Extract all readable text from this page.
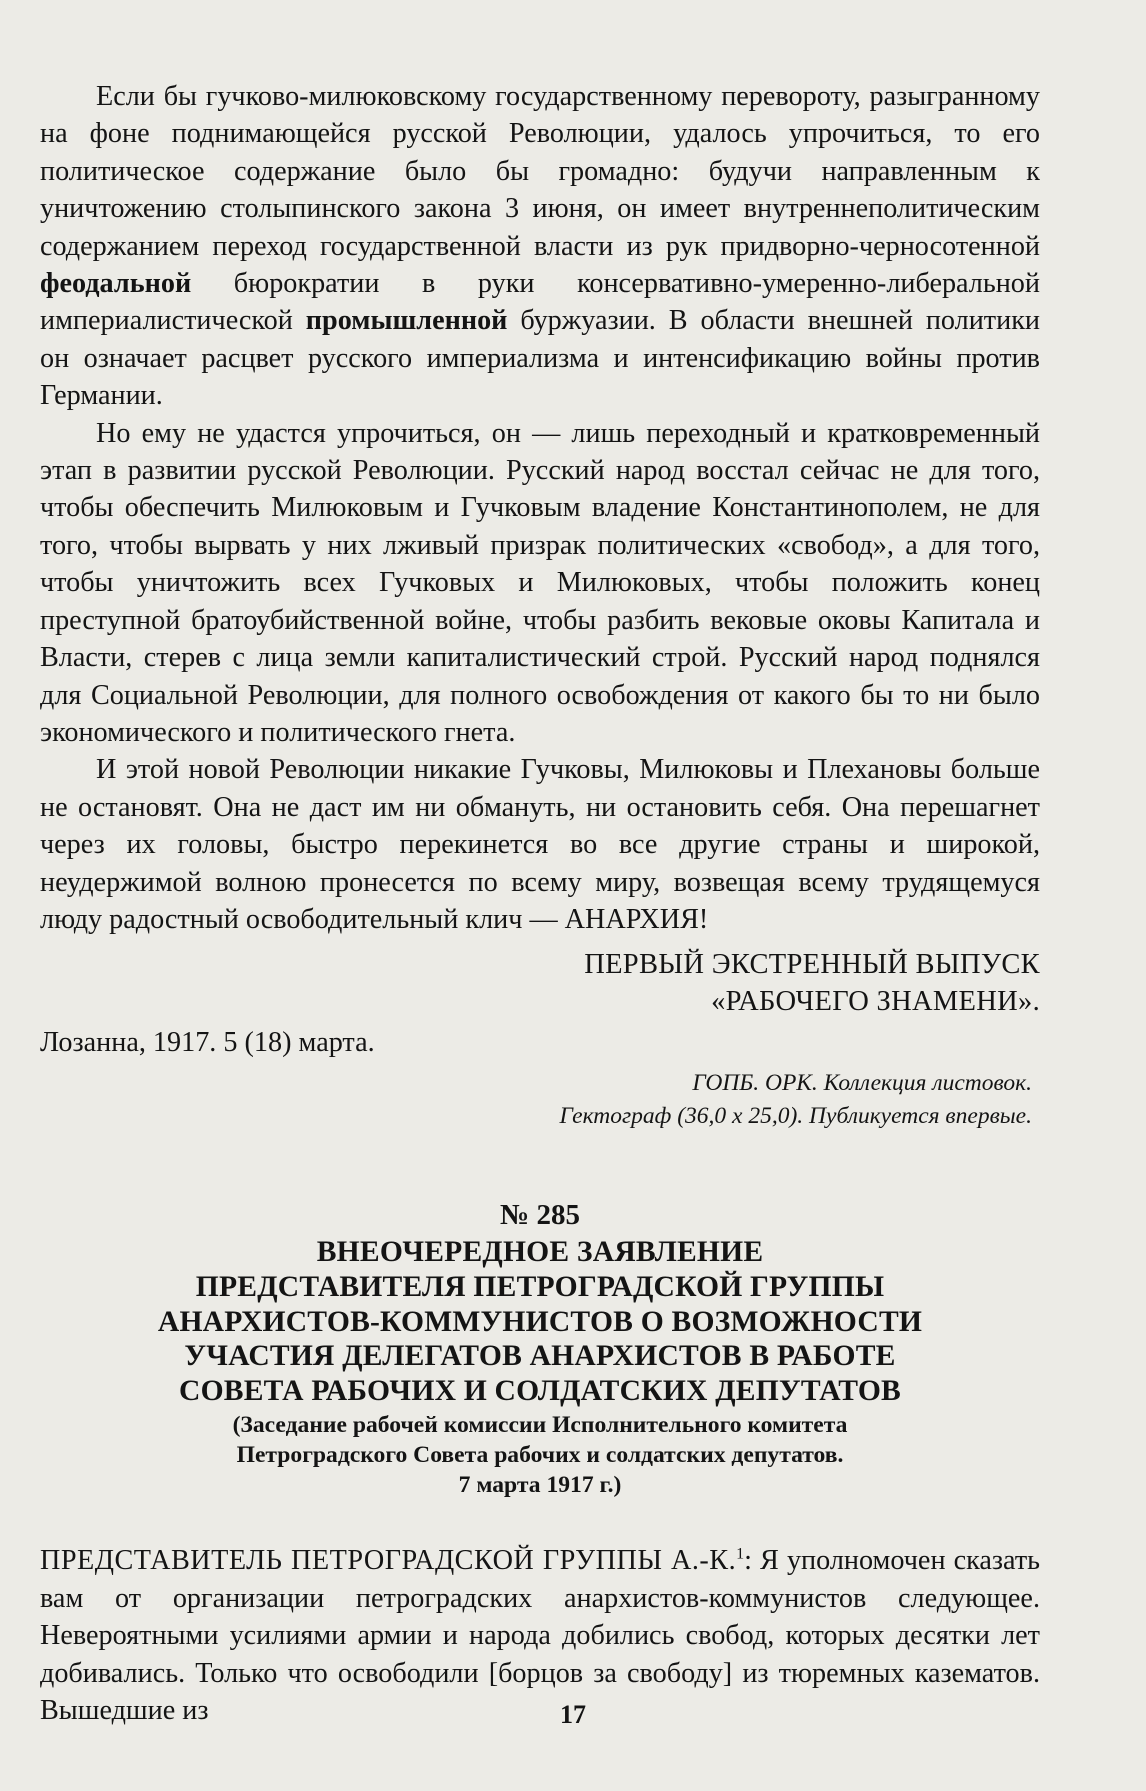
Если бы гучково-милюковскому государственному перевороту, разыгранному на фоне поднимающейся русской Революции, удалось упрочиться, то его политическое содержание было бы громадно: будучи направленным к уничтожению столыпинского закона 3 июня, он имеет внутреннеполитическим содержанием переход государственной власти из рук придворно-черносотенной феодальной бюрократии в руки консервативно-умеренно-либеральной империалистической промышленной буржуазии. В области внешней политики он означает расцвет русского империализма и интенсификацию войны против Германии.

Но ему не удастся упрочиться, он — лишь переходный и кратковременный этап в развитии русской Революции. Русский народ восстал сейчас не для того, чтобы обеспечить Милюковым и Гучковым владение Константинополем, не для того, чтобы вырвать у них лживый призрак политических «свобод», а для того, чтобы уничтожить всех Гучковых и Милюковых, чтобы положить конец преступной братоубийственной войне, чтобы разбить вековые оковы Капитала и Власти, стерев с лица земли капиталистический строй. Русский народ поднялся для Социальной Революции, для полного освобождения от какого бы то ни было экономического и политического гнета.

И этой новой Революции никакие Гучковы, Милюковы и Плехановы больше не остановят. Она не даст им ни обмануть, ни остановить себя. Она перешагнет через их головы, быстро перекинется во все другие страны и широкой, неудержимой волною пронесется по всему миру, возвещая всему трудящемуся люду радостный освободительный клич — АНАРХИЯ!

ПЕРВЫЙ ЭКСТРЕННЫЙ ВЫПУСК
«РАБОЧЕГО ЗНАМЕНИ».
Лозанна, 1917. 5 (18) марта.
ГОПБ. ОРК. Коллекция листовок.
Гектограф (36,0 x 25,0). Публикуется впервые.
№ 285
ВНЕОЧЕРЕДНОЕ ЗАЯВЛЕНИЕ
ПРЕДСТАВИТЕЛЯ ПЕТРОГРАДСКОЙ ГРУППЫ
АНАРХИСТОВ-КОММУНИСТОВ О ВОЗМОЖНОСТИ
УЧАСТИЯ ДЕЛЕГАТОВ АНАРХИСТОВ В РАБОТЕ
СОВЕТА РАБОЧИХ И СОЛДАТСКИХ ДЕПУТАТОВ
(Заседание рабочей комиссии Исполнительного комитета
Петроградского Совета рабочих и солдатских депутатов.
7 марта 1917 г.)

ПРЕДСТАВИТЕЛЬ ПЕТРОГРАДСКОЙ ГРУППЫ А.-К.$^1$: Я уполномочен сказать вам от организации петроградских анархистов-коммунистов следующее. Невероятными усилиями армии и народа добились свобод, которых десятки лет добивались. Только что освободили [борцов за свободу] из тюремных казематов. Вышедшие из	17
